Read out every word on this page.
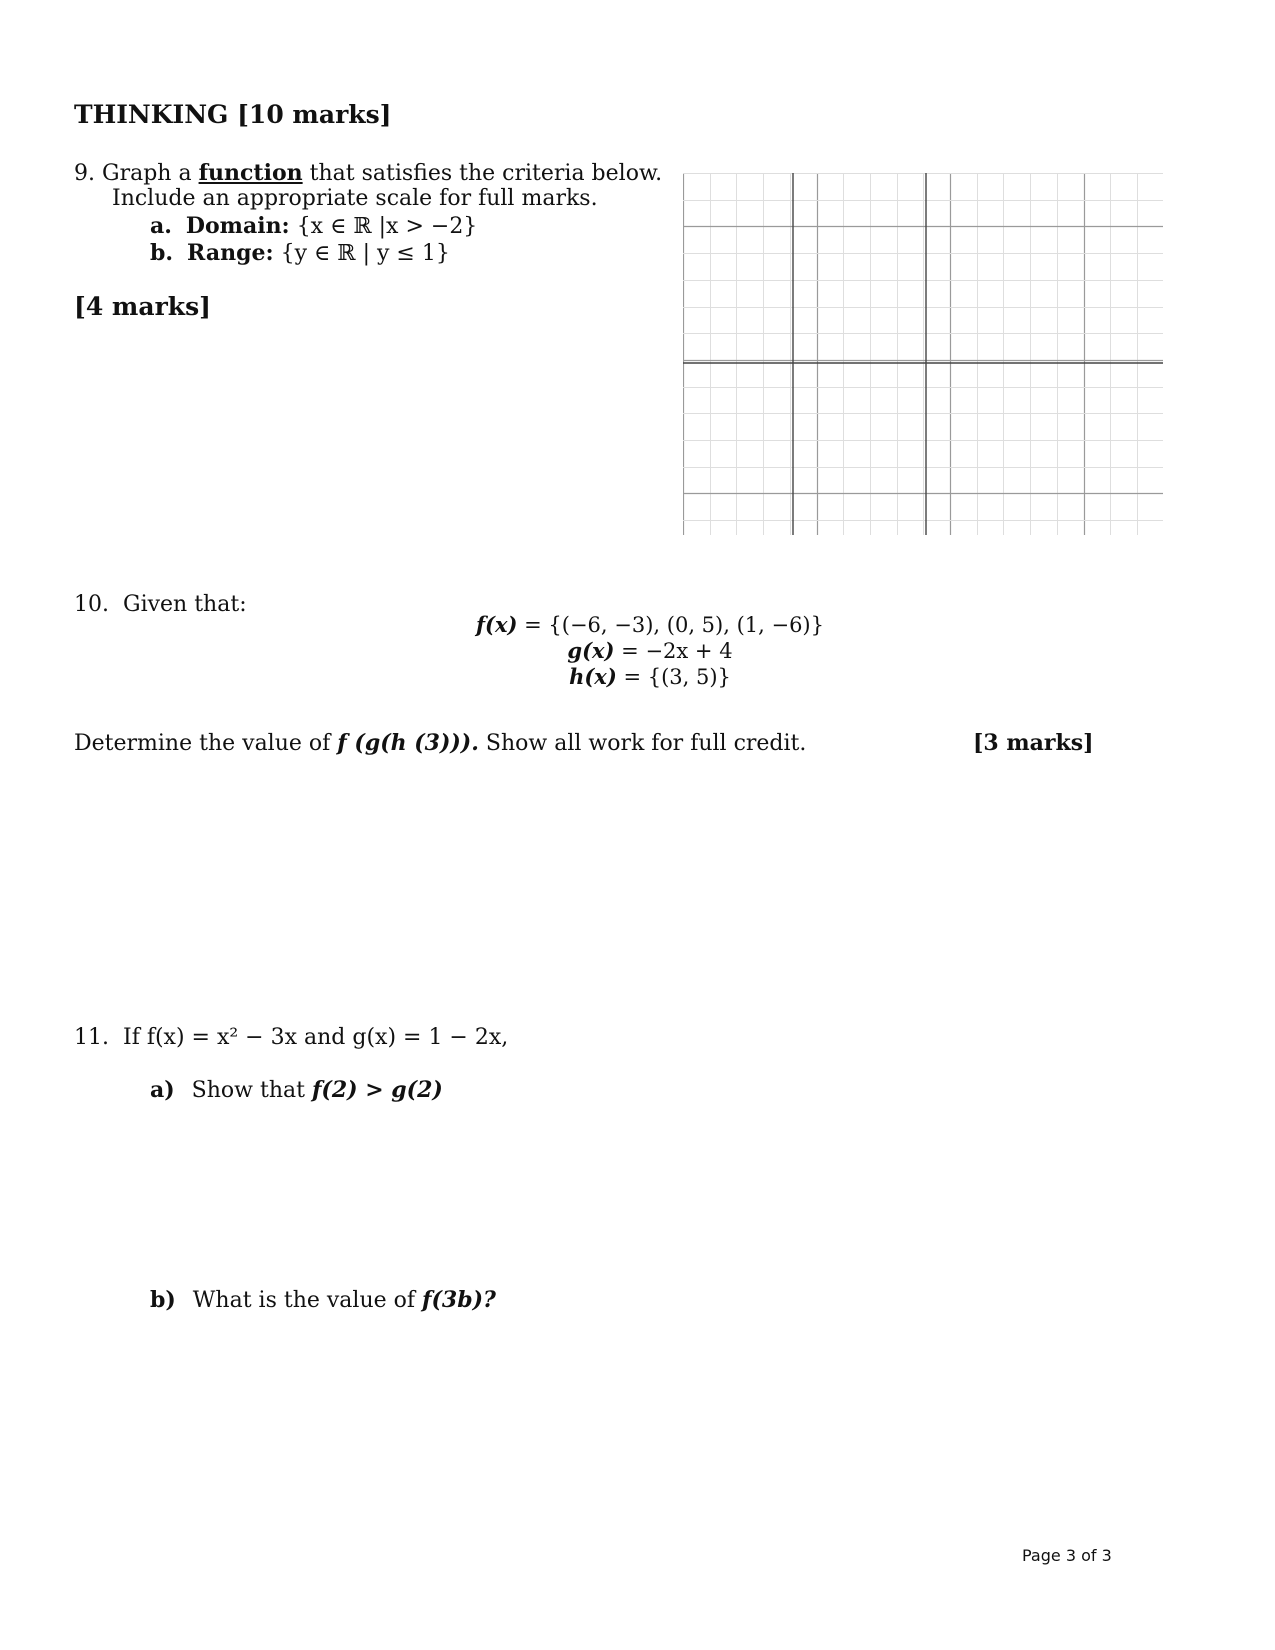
THINKING [10 marks]
9. Graph a function that satisfies the criteria below.
Include an appropriate scale for full marks.
a. Domain: {x ∈ ℝ |x > −2}
b. Range: {y ∈ ℝ | y ≤ 1}
[4 marks]
10. Given that:
f(x) = {(−6, −3), (0, 5), (1, −6)}
g(x) = −2x + 4
h(x) = {(3, 5)}
Determine the value of f (g(h (3))). Show all work for full credit.	[3 marks]
11. If f(x) = x² − 3x and g(x) = 1 − 2x,
a) Show that f(2) > g(2)
b) What is the value of f(3b)?
Page 3 of 3
